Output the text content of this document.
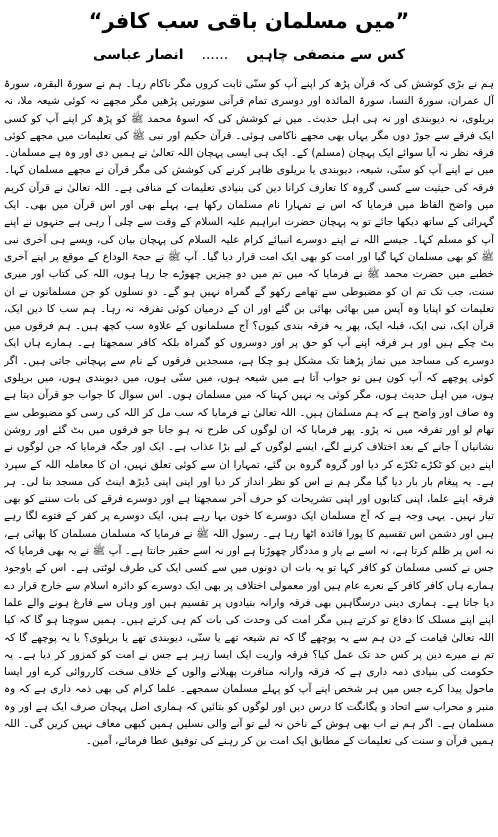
”میں مسلمان باقی سب کافر“
کس سے منصفی چاہیں
......
انصار عباسی

ہم نے بڑی کوشش کی کہ قرآن پڑھ کر اپنے آپ کو سنّی ثابت کروں مگر ناکام رہا۔ ہم نے سورۃ البقرہ، سورۃ آل عمران، سورۃ النسا، سورۃ المائدہ اور دوسری تمام قرآنی سورتیں پڑھیں مگر مجھے نہ کوئی شیعہ ملا، نہ بریلوی، نہ دیوبندی اور نہ ہی اہل حدیث۔ میں نے کوشش کی کہ اسوۂ محمد ﷺ کو پڑھ کر اپنے آپ کو کسی ایک فرقے سے جوڑ دوں مگر یہاں بھی مجھے ناکامی ہوئی۔ قرآن حکیم اور نبی ﷺ کی تعلیمات میں مجھے کوئی فرقہ نظر نہ آیا سوائے ایک پہچان (مسلم) کے۔ ایک ہی ایسی پہچان اللہ تعالیٰ نے ہمیں دی اور وہ ہے مسلمان۔ میں نے اپنے آپ کو سنّی، شیعہ، دیوبندی یا بریلوی ظاہر کرنے کی کوشش کی مگر قرآن نے مجھے مسلمان کہا۔ فرقہ کی حیثیت سے کسی گروہ کا تعارف کرانا دین کی بنیادی تعلیمات کے منافی ہے۔ اللہ تعالیٰ نے قرآن کریم میں واضح الفاظ میں فرمایا کہ اس نے تمہارا نام مسلمان رکھا ہے، پہلے بھی اور اس قرآن میں بھی۔ ایک گہرائی کے ساتھ دیکھا جائے تو یہ پہچان حضرت ابراہیم علیہ السلام کے وقت سے چلی آ رہی ہے جنہوں نے اپنے آپ کو مسلم کہا۔ جیسے اللہ نے اپنے دوسرے انبیائے کرام علیہ السلام کی پہچان بیان کی، ویسے ہی آخری نبی ﷺ کو بھی مسلمان کہا گیا اور امت کو بھی ایک امت قرار دیا گیا۔ آپ ﷺ نے حجۃ الوداع کے موقع پر اپنے آخری خطبے میں حضرت محمد ﷺ نے فرمایا کہ میں تم میں دو چیزیں چھوڑے جا رہا ہوں، اللہ کی کتاب اور میری سنت، جب تک تم ان کو مضبوطی سے تھامے رکھو گے گمراہ نہیں ہو گے۔ دو نسلوں کو جن مسلمانوں نے ان تعلیمات کو اپنایا وہ آپس میں بھائی بھائی بن گئے اور ان کے درمیان کوئی تفرقہ نہ رہا۔ ہم سب کا دین ایک، قرآن ایک، نبی ایک، قبلہ ایک، پھر یہ فرقہ بندی کیوں؟ آج مسلمانوں کے علاوہ سب کچھ ہیں۔ ہم فرقوں میں بٹ چکے ہیں اور ہر فرقہ اپنے آپ کو حق پر اور دوسروں کو گمراہ بلکہ کافر سمجھتا ہے۔ ہمارے ہاں ایک دوسرے کی مساجد میں نماز پڑھنا تک مشکل ہو چکا ہے، مسجدیں فرقوں کے نام سے پہچانی جاتی ہیں۔ اگر کوئی پوچھے کہ آپ کون ہیں تو جواب آتا ہے میں شیعہ ہوں، میں سنّی ہوں، میں دیوبندی ہوں، میں بریلوی ہوں، میں اہل حدیث ہوں، مگر کوئی یہ نہیں کہتا کہ میں مسلمان ہوں۔ اس سوال کا جواب جو قرآن دیتا ہے وہ صاف اور واضح ہے کہ ہم مسلمان ہیں۔ اللہ تعالیٰ نے فرمایا کہ سب مل کر اللہ کی رسی کو مضبوطی سے تھام لو اور تفرقہ میں نہ پڑو۔ پھر فرمایا کہ ان لوگوں کی طرح نہ ہو جانا جو فرقوں میں بٹ گئے اور روشن نشانیاں آ جانے کے بعد اختلاف کرنے لگے، ایسے لوگوں کے لیے بڑا عذاب ہے۔ ایک اور جگہ فرمایا کہ جن لوگوں نے اپنے دین کو ٹکڑے ٹکڑے کر دیا اور گروہ گروہ بن گئے، تمہارا ان سے کوئی تعلق نہیں، ان کا معاملہ اللہ کے سپرد ہے۔ یہ پیغام بار بار دیا گیا مگر ہم نے اس کو نظر انداز کر دیا اور اپنی اپنی ڈیڑھ اینٹ کی مسجد بنا لی۔ ہر فرقہ اپنے علما، اپنی کتابوں اور اپنی تشریحات کو حرف آخر سمجھتا ہے اور دوسرے فرقے کی بات سننے کو بھی تیار نہیں۔ یہی وجہ ہے کہ آج مسلمان ایک دوسرے کا خون بہا رہے ہیں، ایک دوسرے پر کفر کے فتوے لگا رہے ہیں اور دشمن اس تقسیم کا پورا فائدہ اٹھا رہا ہے۔ رسول اللہ ﷺ نے فرمایا کہ مسلمان مسلمان کا بھائی ہے، نہ اس پر ظلم کرتا ہے، نہ اسے بے یار و مددگار چھوڑتا ہے اور نہ اسے حقیر جانتا ہے۔ آپ ﷺ نے یہ بھی فرمایا کہ جس نے کسی مسلمان کو کافر کہا تو یہ بات ان دونوں میں سے کسی ایک کی طرف لوٹتی ہے۔ اس کے باوجود ہمارے ہاں کافر کافر کے نعرے عام ہیں اور معمولی اختلاف پر بھی ایک دوسرے کو دائرہ اسلام سے خارج قرار دے دیا جاتا ہے۔ ہماری دینی درسگاہیں بھی فرقہ وارانہ بنیادوں پر تقسیم ہیں اور وہاں سے فارغ ہونے والے علما اپنے اپنے مسلک کا دفاع تو کرتے ہیں مگر امت کی وحدت کی بات کم ہی کرتے ہیں۔ ہمیں سوچنا ہو گا کہ کیا اللہ تعالیٰ قیامت کے دن ہم سے یہ پوچھے گا کہ تم شیعہ تھے یا سنّی، دیوبندی تھے یا بریلوی؟ یا یہ پوچھے گا کہ تم نے میرے دین پر کس حد تک عمل کیا؟ فرقہ واریت ایک ایسا زہر ہے جس نے امت کو کمزور کر دیا ہے۔ یہ حکومت کی بنیادی ذمہ داری ہے کہ فرقہ وارانہ منافرت پھیلانے والوں کے خلاف سخت کارروائی کرے اور ایسا ماحول پیدا کرے جس میں ہر شخص اپنے آپ کو پہلے مسلمان سمجھے۔ علما کرام کی بھی ذمہ داری ہے کہ وہ منبر و محراب سے اتحاد و یگانگت کا درس دیں اور لوگوں کو بتائیں کہ ہماری اصل پہچان صرف ایک ہے اور وہ مسلمان ہے۔ اگر ہم نے اب بھی ہوش کے ناخن نہ لیے تو آنے والی نسلیں ہمیں کبھی معاف نہیں کریں گی۔ اللہ ہمیں قرآن و سنت کی تعلیمات کے مطابق ایک امت بن کر رہنے کی توفیق عطا فرمائے، آمین۔
